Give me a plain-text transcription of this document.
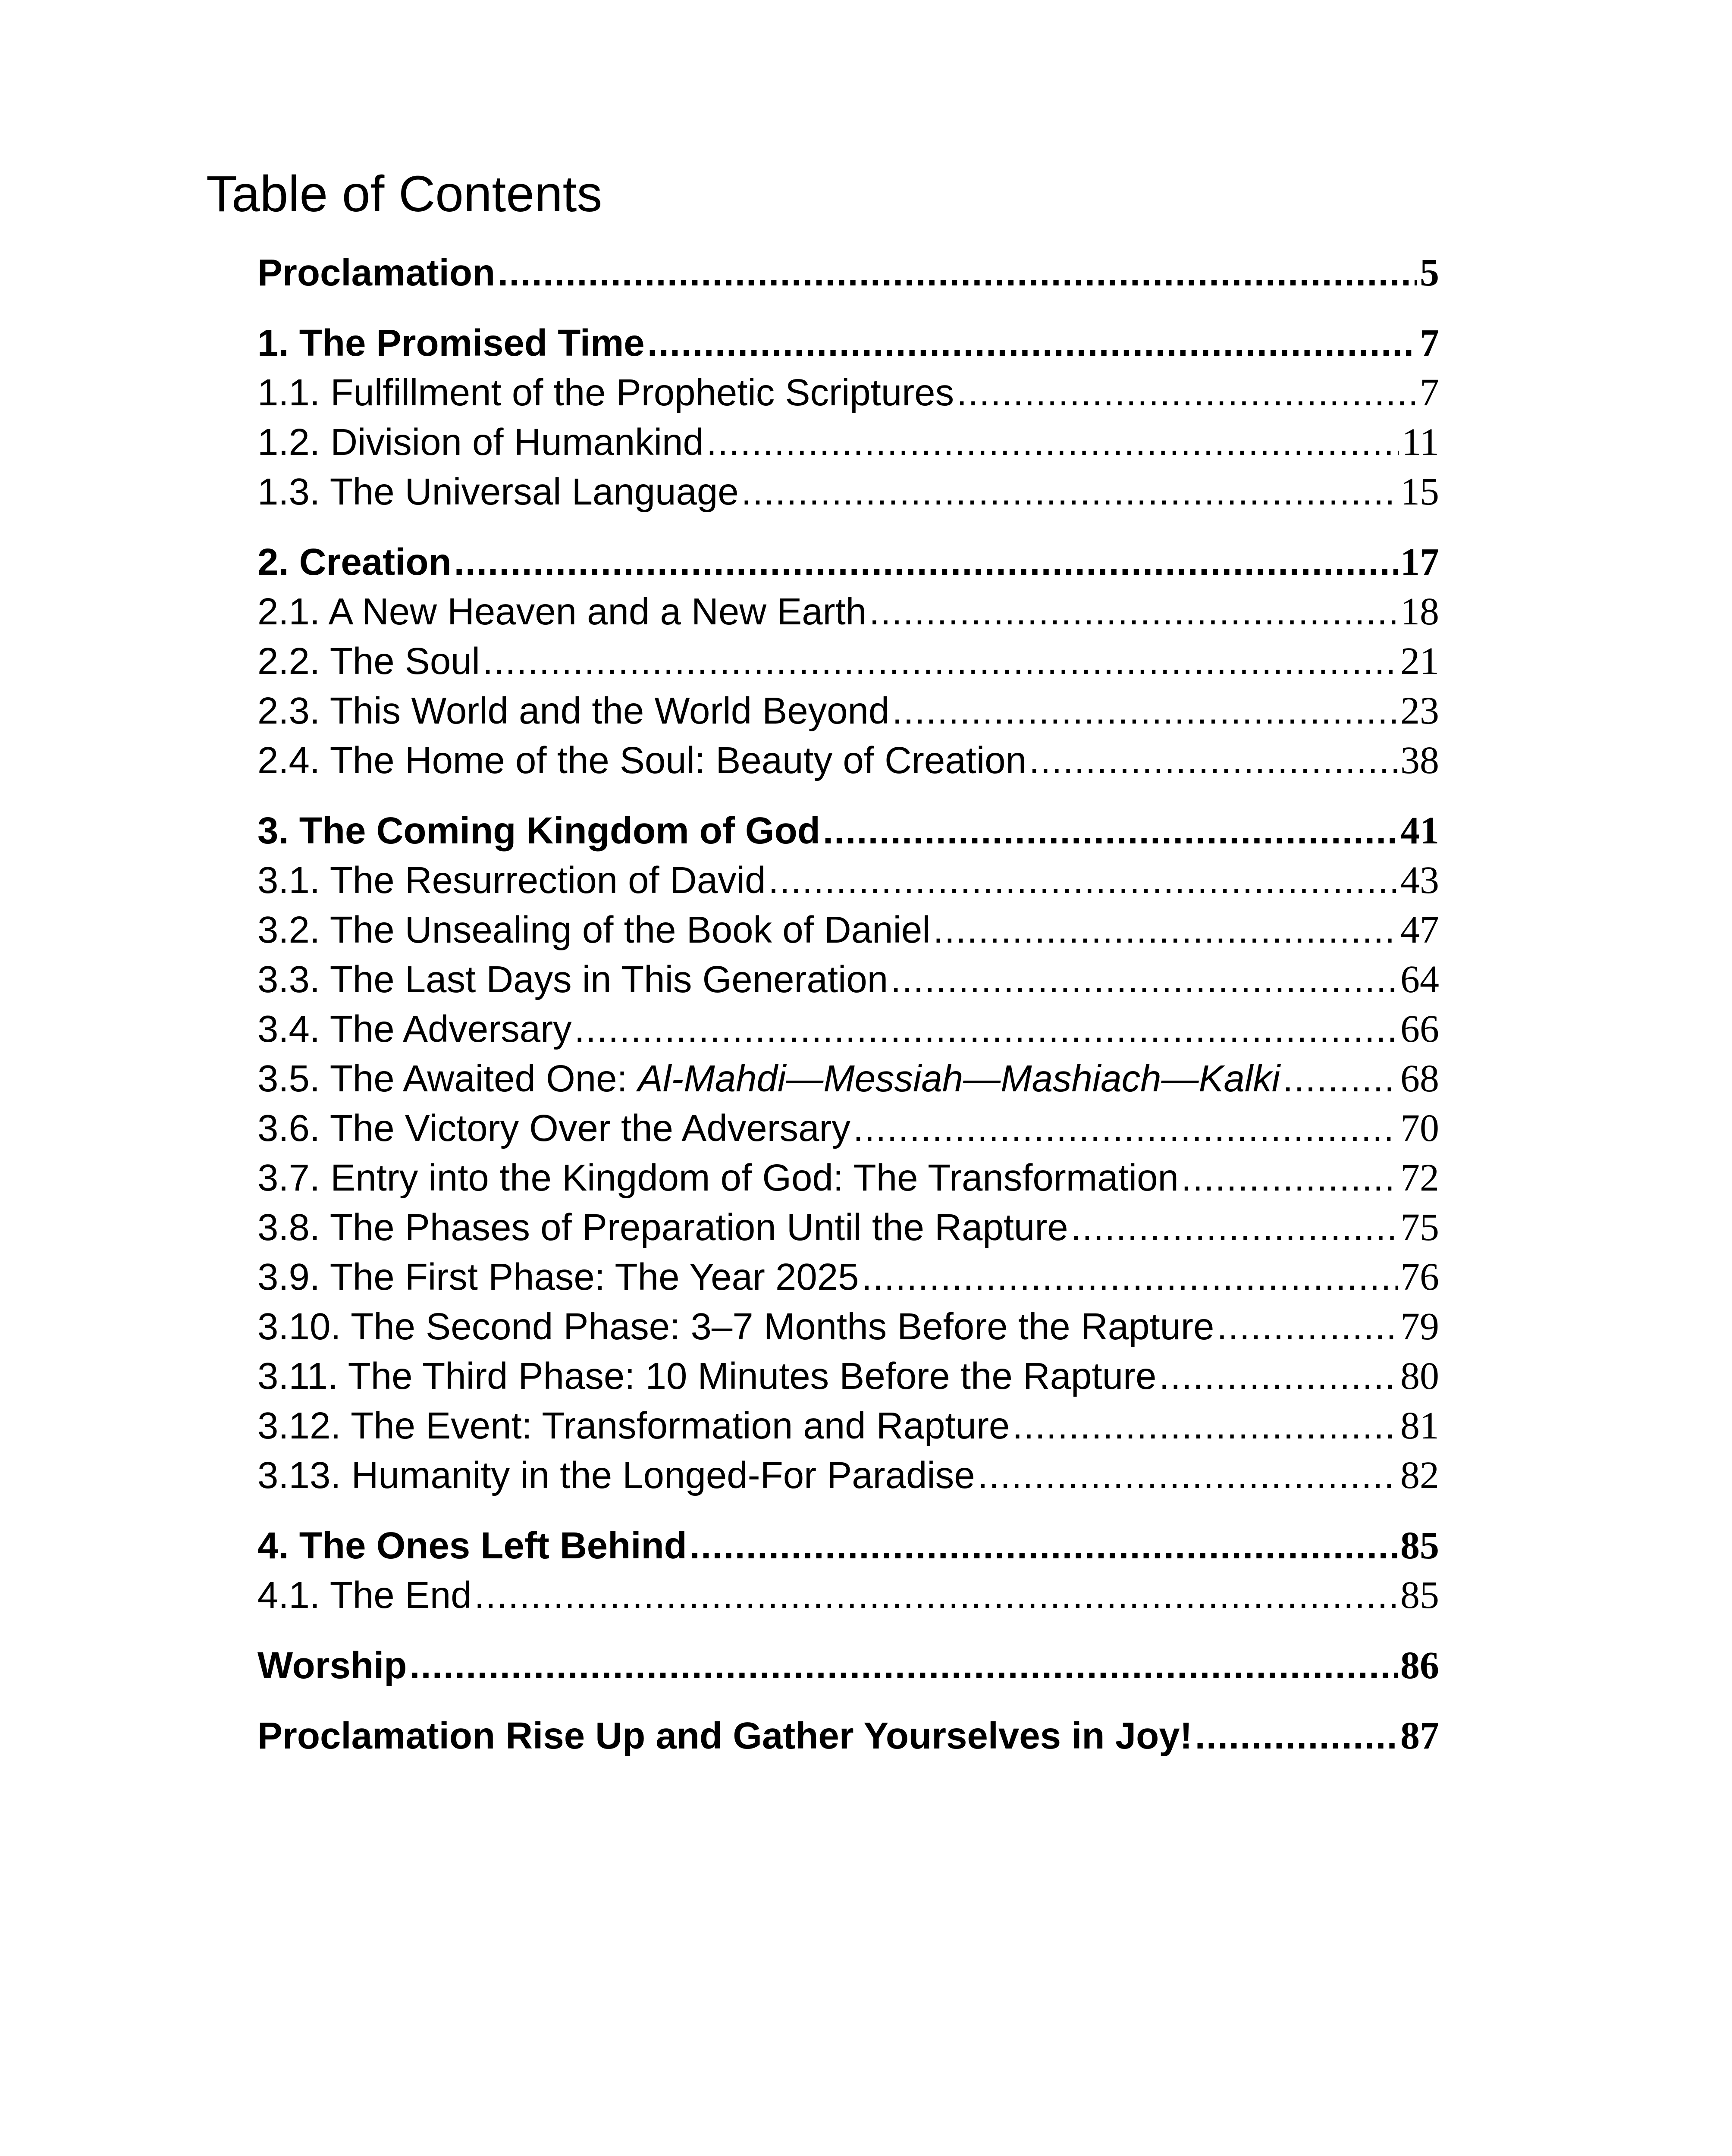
Table of Contents
Proclamation .....	5
1. The Promised Time .....	7
1.1. Fulfillment of the Prophetic Scriptures .....	7
1.2. Division of Humankind .....	11
1.3. The Universal Language .....	15
2. Creation .....	17
2.1. A New Heaven and a New Earth .....	18
2.2. The Soul .....	21
2.3. This World and the World Beyond .....	23
2.4. The Home of the Soul: Beauty of Creation .....	38
3. The Coming Kingdom of God .....	41
3.1. The Resurrection of David .....	43
3.2. The Unsealing of the Book of Daniel .....	47
3.3. The Last Days in This Generation .....	64
3.4. The Adversary .....	66
3.5. The Awaited One: Al-Mahdi—Messiah—Mashiach—Kalki .....	68
3.6. The Victory Over the Adversary .....	70
3.7. Entry into the Kingdom of God: The Transformation .....	72
3.8. The Phases of Preparation Until the Rapture .....	75
3.9. The First Phase: The Year 2025 .....	76
3.10. The Second Phase: 3–7 Months Before the Rapture .....	79
3.11. The Third Phase: 10 Minutes Before the Rapture .....	80
3.12. The Event: Transformation and Rapture .....	81
3.13. Humanity in the Longed-For Paradise .....	82
4. The Ones Left Behind .....	85
4.1. The End .....	85
Worship .....	86
Proclamation Rise Up and Gather Yourselves in Joy! .....	87
